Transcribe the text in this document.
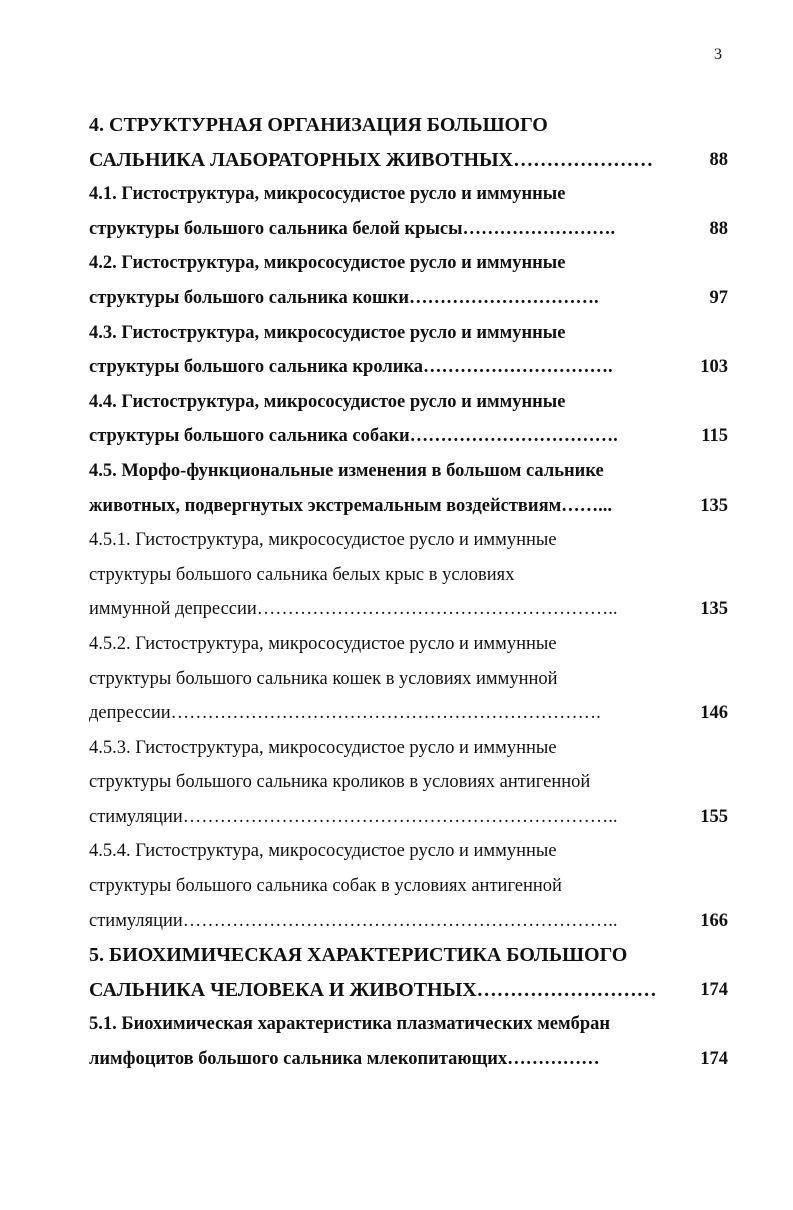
3
4. СТРУКТУРНАЯ ОРГАНИЗАЦИЯ БОЛЬШОГО
САЛЬНИКА ЛАБОРАТОРНЫХ ЖИВОТНЫХ…………………	88
4.1. Гистоструктура, микрососудистое русло и иммунные
структуры большого сальника белой крысы…………………….	88
4.2. Гистоструктура, микрососудистое русло и иммунные
структуры большого сальника кошки………………………….	97
4.3. Гистоструктура, микрососудистое русло и иммунные
структуры большого сальника кролика………………………….	103
4.4. Гистоструктура, микрососудистое русло и иммунные
структуры большого сальника собаки…………………………….	115
4.5. Морфо-функциональные изменения в большом сальнике
животных, подвергнутых экстремальным воздействиям……...	135
4.5.1. Гистоструктура, микрососудистое русло и иммунные
структуры большого сальника белых крыс в условиях
иммунной депрессии…………………………………………………..	135
4.5.2. Гистоструктура, микрососудистое русло и иммунные
структуры большого сальника кошек в условиях иммунной
депрессии…………………………………………………………….	146
4.5.3. Гистоструктура, микрососудистое русло и иммунные
структуры большого сальника кроликов в условиях антигенной
стимуляции……………………………………………………………..	155
4.5.4. Гистоструктура, микрососудистое русло и иммунные
структуры большого сальника собак в условиях антигенной
стимуляции……………………………………………………………..	166
5. БИОХИМИЧЕСКАЯ ХАРАКТЕРИСТИКА БОЛЬШОГО
САЛЬНИКА ЧЕЛОВЕКА И ЖИВОТНЫХ………………………	174
5.1. Биохимическая характеристика плазматических мембран
лимфоцитов большого сальника млекопитающих……………	174
